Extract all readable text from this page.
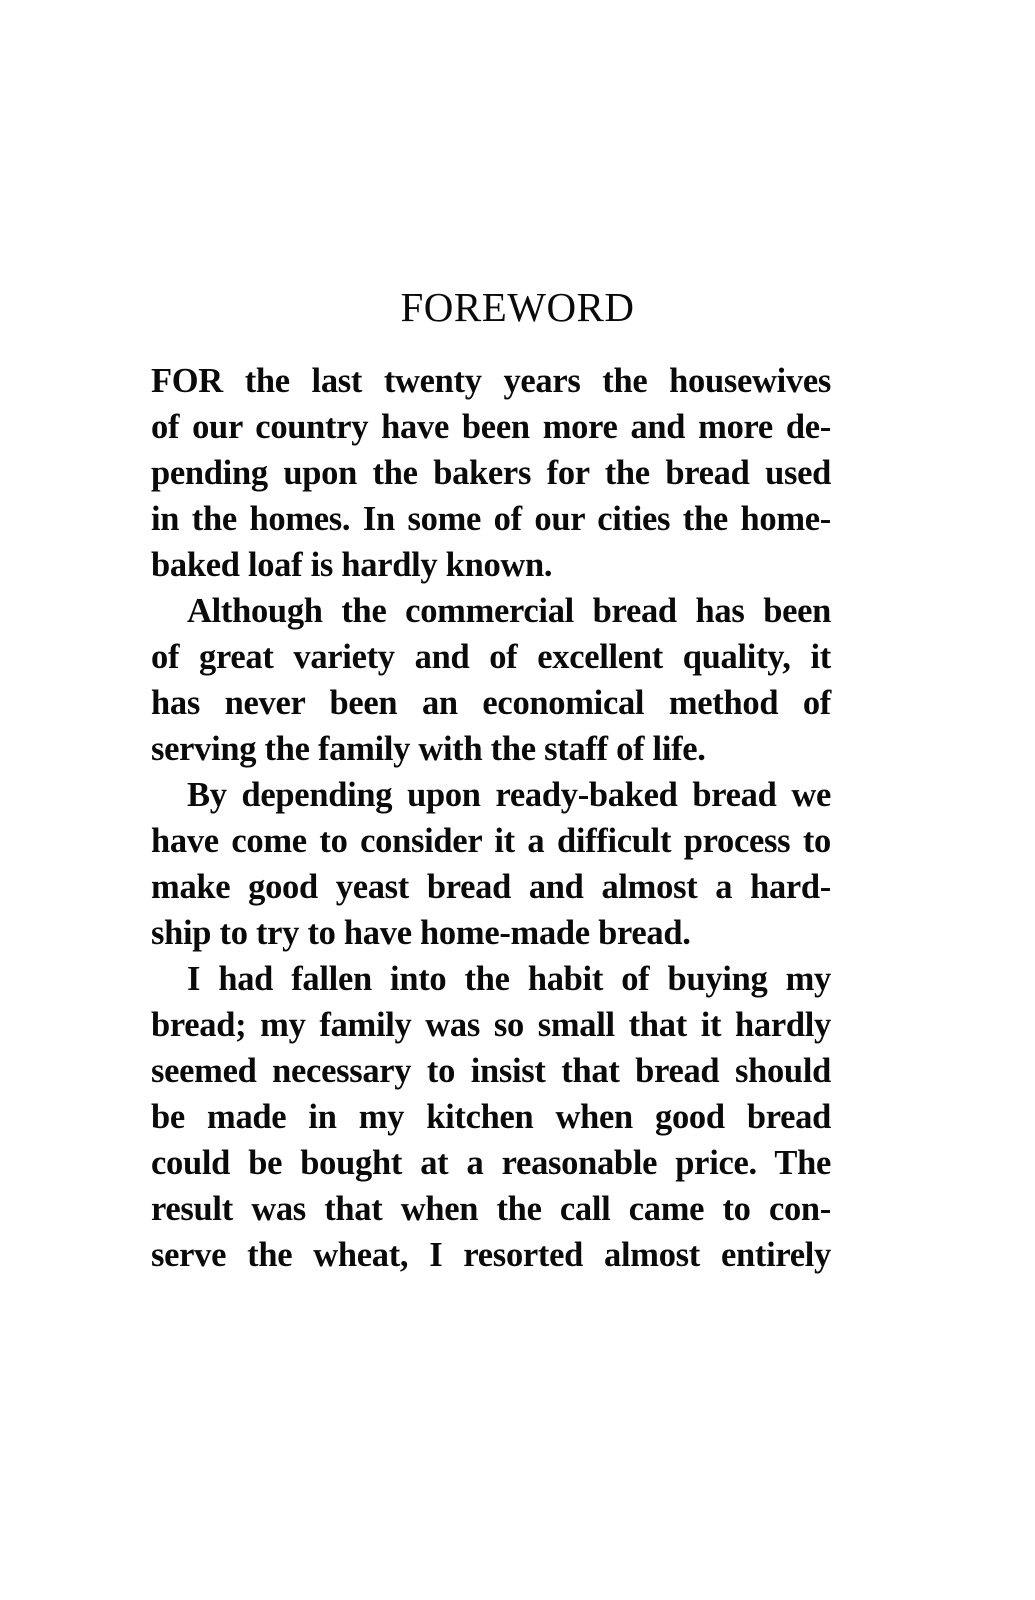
FOREWORD
FOR the last twenty years the housewives
of our country have been more and more de-
pending upon the bakers for the bread used
in the homes. In some of our cities the home-
baked loaf is hardly known.
Although the commercial bread has been
of great variety and of excellent quality, it
has never been an economical method of
serving the family with the staff of life.
By depending upon ready-baked bread we
have come to consider it a difficult process to
make good yeast bread and almost a hard-
ship to try to have home-made bread.
I had fallen into the habit of buying my
bread; my family was so small that it hardly
seemed necessary to insist that bread should
be made in my kitchen when good bread
could be bought at a reasonable price. The
result was that when the call came to con-
serve the wheat, I resorted almost entirely
